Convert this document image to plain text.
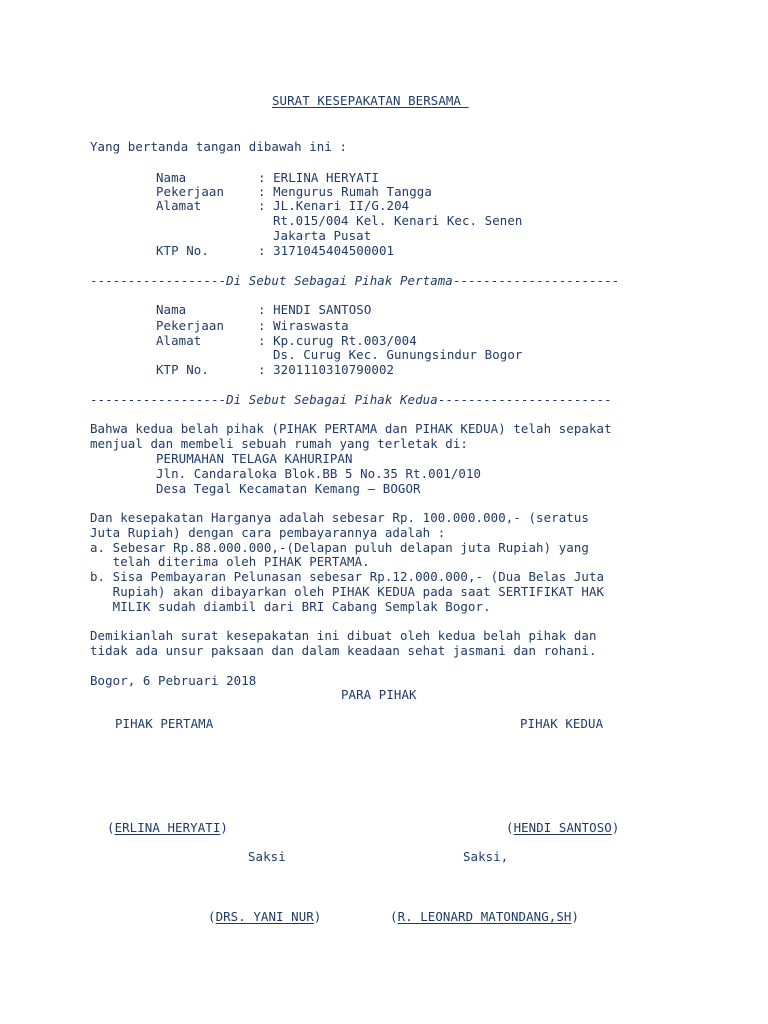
SURAT KESEPAKATAN BERSAMA
Yang bertanda tangan dibawah ini :
Nama	: ERLINA HERYATI
Pekerjaan	: Mengurus Rumah Tangga
Alamat	: JL.Kenari II/G.204
Rt.015/004 Kel. Kenari Kec. Senen
Jakarta Pusat
KTP No.	: 3171045404500001
------------------Di Sebut Sebagai Pihak Pertama----------------------
Nama	: HENDI SANTOSO
Pekerjaan	: Wiraswasta
Alamat	: Kp.curug Rt.003/004
Ds. Curug Kec. Gunungsindur Bogor
KTP No.	: 3201110310790002
------------------Di Sebut Sebagai Pihak Kedua-----------------------
Bahwa kedua belah pihak (PIHAK PERTAMA dan PIHAK KEDUA) telah sepakat
menjual dan membeli sebuah rumah yang terletak di:
PERUMAHAN TELAGA KAHURIPAN
Jln. Candaraloka Blok.BB 5 No.35 Rt.001/010
Desa Tegal Kecamatan Kemang – BOGOR
Dan kesepakatan Harganya adalah sebesar Rp. 100.000.000,- (seratus
Juta Rupiah) dengan cara pembayarannya adalah :
a. Sebesar Rp.88.000.000,-(Delapan puluh delapan juta Rupiah) yang
telah diterima oleh PIHAK PERTAMA.
b. Sisa Pembayaran Pelunasan sebesar Rp.12.000.000,- (Dua Belas Juta
Rupiah) akan dibayarkan oleh PIHAK KEDUA pada saat SERTIFIKAT HAK
MILIK sudah diambil dari BRI Cabang Semplak Bogor.
Demikianlah surat kesepakatan ini dibuat oleh kedua belah pihak dan
tidak ada unsur paksaan dan dalam keadaan sehat jasmani dan rohani.
Bogor, 6 Pebruari 2018
PARA PIHAK
PIHAK PERTAMA	PIHAK KEDUA
(ERLINA HERYATI)	(HENDI SANTOSO)
Saksi	Saksi,
(DRS. YANI NUR)	(R. LEONARD MATONDANG,SH)
